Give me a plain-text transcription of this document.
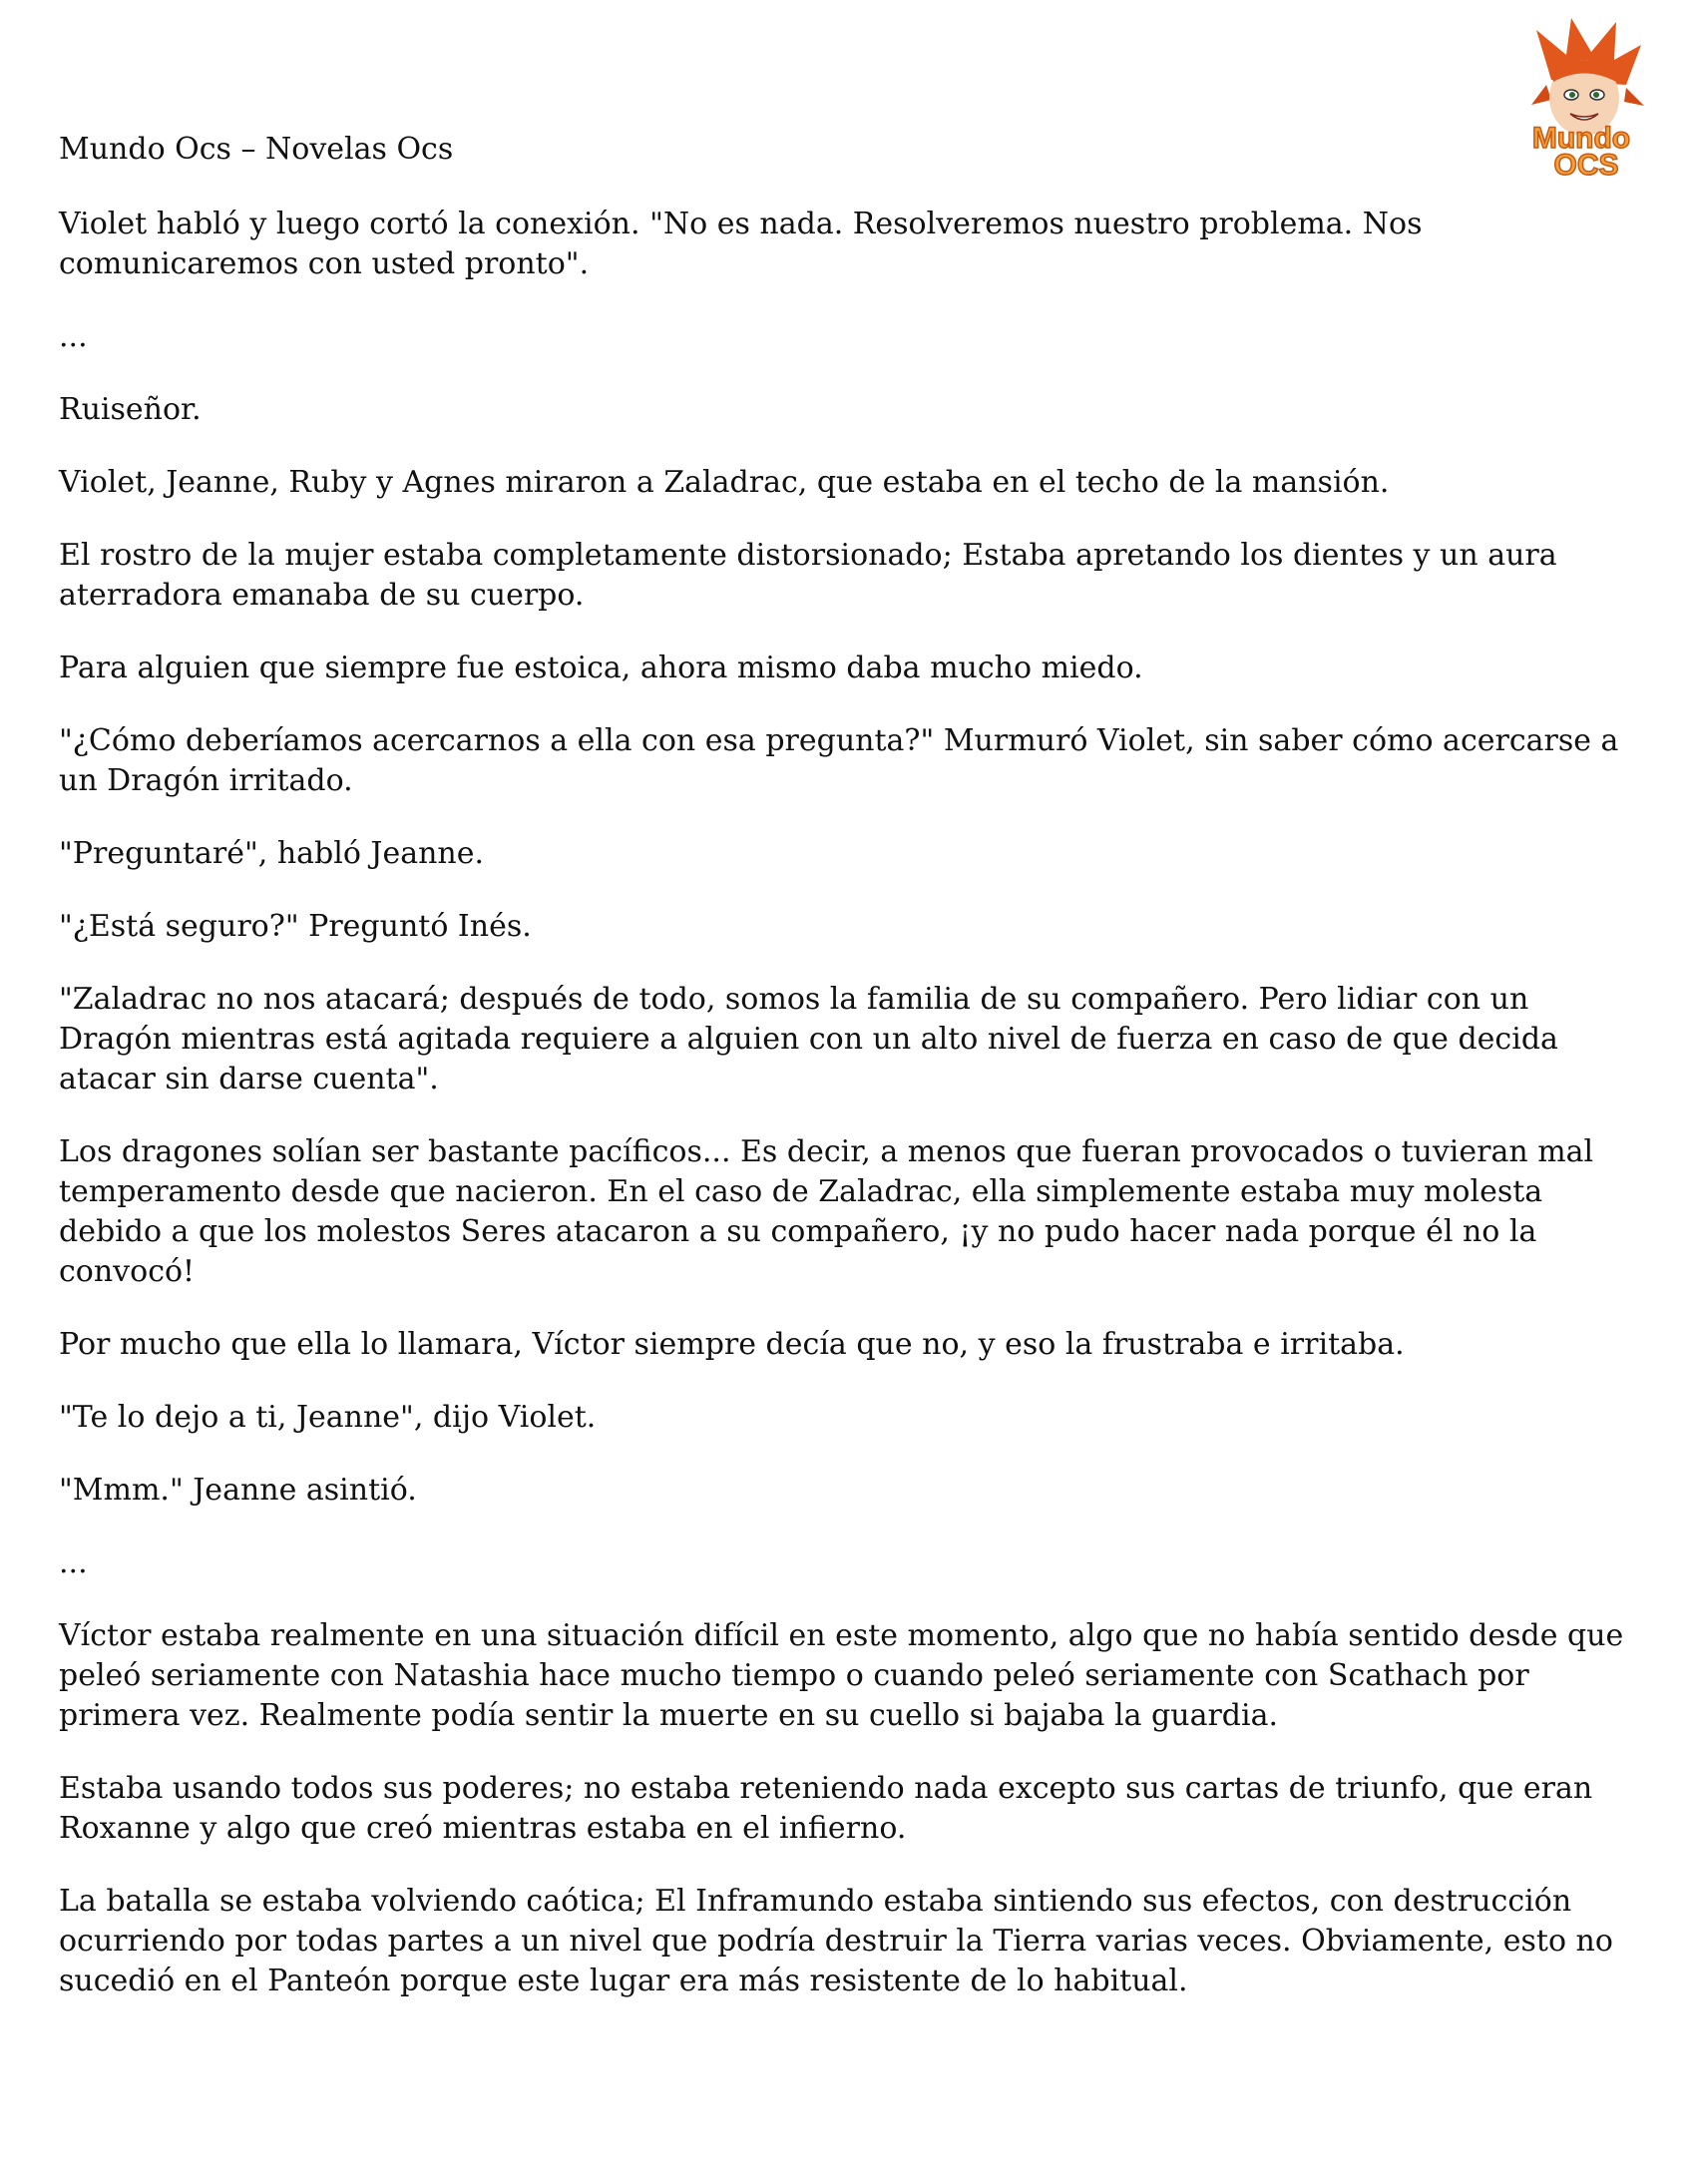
Mundo Ocs – Novelas Ocs	Mundo
OCS

Violet habló y luego cortó la conexión. "No es nada. Resolveremos nuestro problema. Nos comunicaremos con usted pronto".

...

Ruiseñor.

Violet, Jeanne, Ruby y Agnes miraron a Zaladrac, que estaba en el techo de la mansión.

El rostro de la mujer estaba completamente distorsionado; Estaba apretando los dientes y un aura aterradora emanaba de su cuerpo.

Para alguien que siempre fue estoica, ahora mismo daba mucho miedo.

"¿Cómo deberíamos acercarnos a ella con esa pregunta?" Murmuró Violet, sin saber cómo acercarse a un Dragón irritado.

"Preguntaré", habló Jeanne.

"¿Está seguro?" Preguntó Inés.

"Zaladrac no nos atacará; después de todo, somos la familia de su compañero. Pero lidiar con un Dragón mientras está agitada requiere a alguien con un alto nivel de fuerza en caso de que decida atacar sin darse cuenta".

Los dragones solían ser bastante pacíficos... Es decir, a menos que fueran provocados o tuvieran mal temperamento desde que nacieron. En el caso de Zaladrac, ella simplemente estaba muy molesta debido a que los molestos Seres atacaron a su compañero, ¡y no pudo hacer nada porque él no la convocó!

Por mucho que ella lo llamara, Víctor siempre decía que no, y eso la frustraba e irritaba.

"Te lo dejo a ti, Jeanne", dijo Violet.

"Mmm." Jeanne asintió.

...

Víctor estaba realmente en una situación difícil en este momento, algo que no había sentido desde que peleó seriamente con Natashia hace mucho tiempo o cuando peleó seriamente con Scathach por primera vez. Realmente podía sentir la muerte en su cuello si bajaba la guardia.

Estaba usando todos sus poderes; no estaba reteniendo nada excepto sus cartas de triunfo, que eran Roxanne y algo que creó mientras estaba en el infierno.

La batalla se estaba volviendo caótica; El Inframundo estaba sintiendo sus efectos, con destrucción ocurriendo por todas partes a un nivel que podría destruir la Tierra varias veces. Obviamente, esto no sucedió en el Panteón porque este lugar era más resistente de lo habitual.
